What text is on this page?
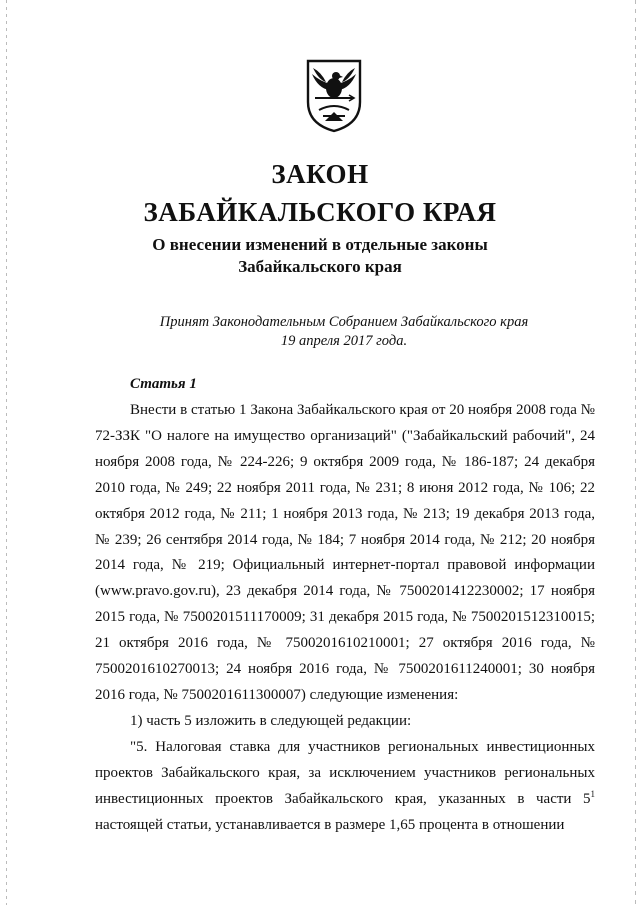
ЗАКОН
ЗАБАЙКАЛЬСКОГО КРАЯ
О внесении изменений в отдельные законы
Забайкальского края
Принят Законодательным Собранием Забайкальского края
19 апреля 2017 года.
Статья 1

Внести в статью 1 Закона Забайкальского края от 20 ноября 2008 года № 72-ЗЗК "О налоге на имущество организаций" ("Забайкальский рабочий", 24 ноября 2008 года, № 224-226; 9 октября 2009 года, № 186-187; 24 декабря 2010 года, № 249; 22 ноября 2011 года, № 231; 8 июня 2012 года, № 106; 22 октября 2012 года, № 211; 1 ноября 2013 года, № 213; 19 декабря 2013 года, № 239; 26 сентября 2014 года, № 184; 7 ноября 2014 года, № 212; 20 ноября 2014 года, № 219; Официальный интернет-портал правовой информации (www.pravo.gov.ru), 23 декабря 2014 года, № 7500201412230002; 17 ноября 2015 года, № 7500201511170009; 31 декабря 2015 года, № 7500201512310015; 21 октября 2016 года, № 7500201610210001; 27 октября 2016 года, № 7500201610270013; 24 ноября 2016 года, № 7500201611240001; 30 ноября 2016 года, № 7500201611300007) следующие изменения:

1) часть 5 изложить в следующей редакции:

"5. Налоговая ставка для участников региональных инвестиционных проектов Забайкальского края, за исключением участников региональных инвестиционных проектов Забайкальского края, указанных в части $5^1$ настоящей статьи, устанавливается в размере 1,65 процента в отношении
